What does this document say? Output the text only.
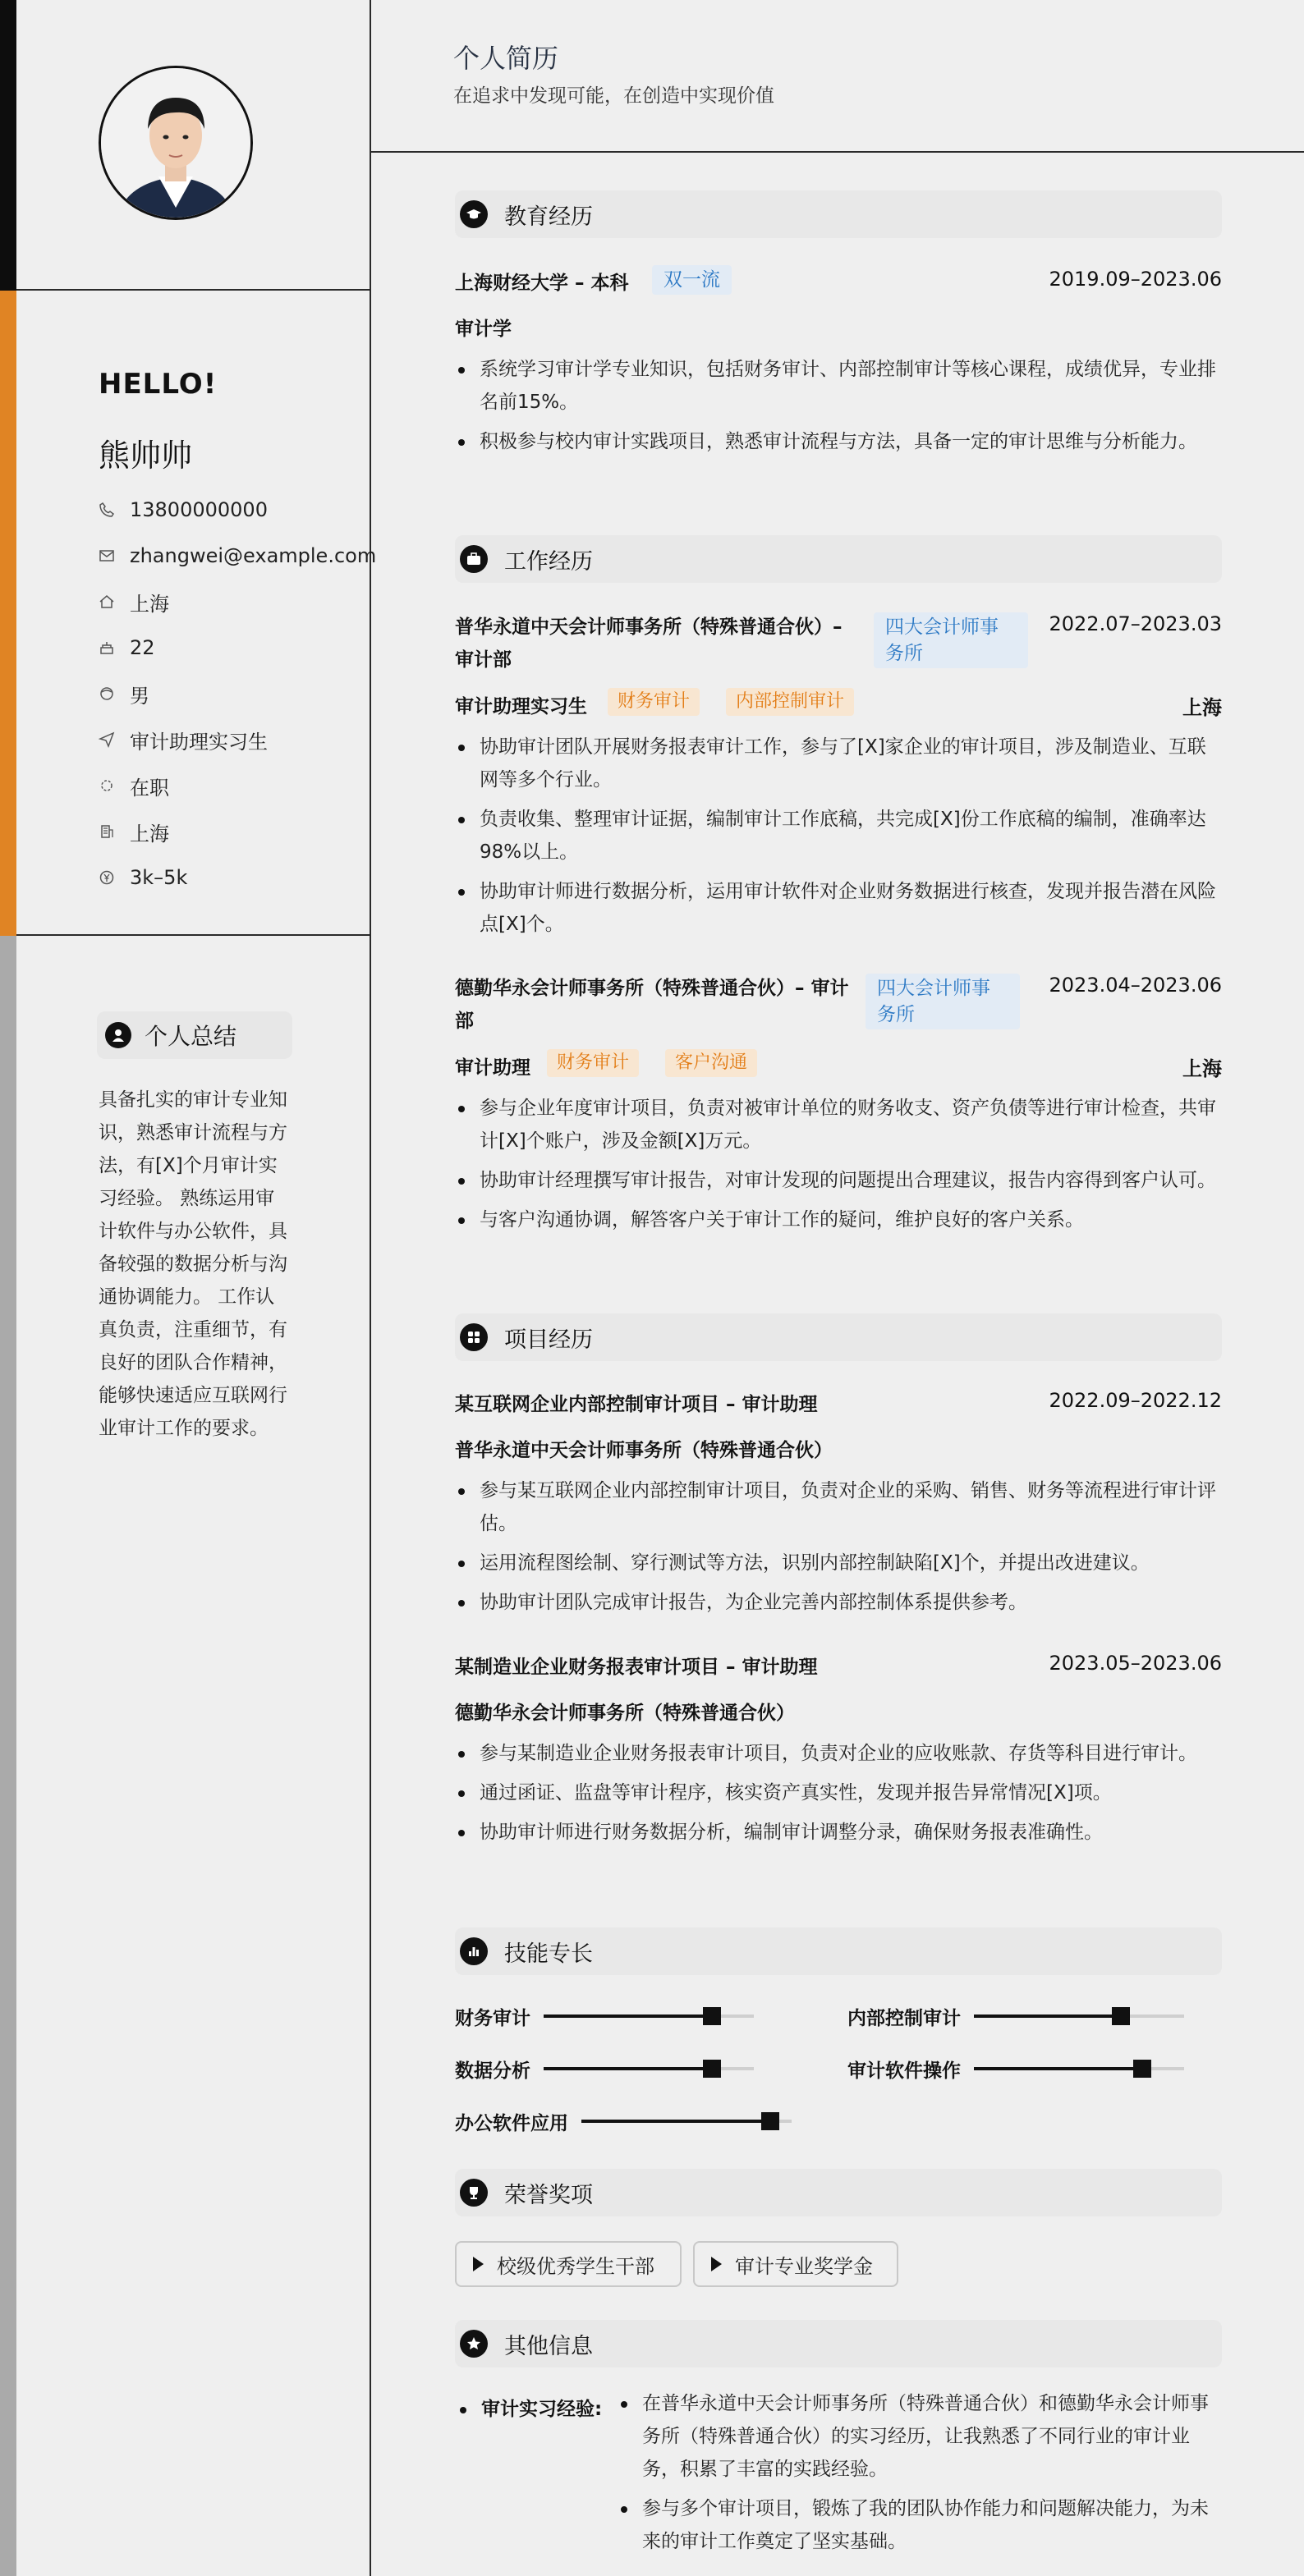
HELLO!
熊帅帅
13800000000
zhangwei@example.com
上海
22
男
审计助理实习生
在职
上海
3k–5k
个人总结
具备扎实的审计专业知识，熟悉审计流程与方法，有[X]个月审计实习经验。 熟练运用审计软件与办公软件，具备较强的数据分析与沟通协调能力。 工作认真负责，注重细节，有良好的团队合作精神，能够快速适应互联网行业审计工作的要求。
个人简历
在追求中发现可能，在创造中实现价值
教育经历
上海财经大学 – 本科	双一流	2019.09–2023.06
审计学
系统学习审计学专业知识，包括财务审计、内部控制审计等核心课程，成绩优异，专业排名前15%。
积极参与校内审计实践项目，熟悉审计流程与方法，具备一定的审计思维与分析能力。
工作经历
普华永道中天会计师事务所（特殊普通合伙）– 审计部
四大会计师事务所
2022.07–2023.03
审计助理实习生	财务审计	内部控制审计	上海
协助审计团队开展财务报表审计工作，参与了[X]家企业的审计项目，涉及制造业、互联网等多个行业。
负责收集、整理审计证据，编制审计工作底稿，共完成[X]份工作底稿的编制，准确率达98%以上。
协助审计师进行数据分析，运用审计软件对企业财务数据进行核查，发现并报告潜在风险点[X]个。
德勤华永会计师事务所（特殊普通合伙）– 审计部
四大会计师事务所
2023.04–2023.06
审计助理	财务审计	客户沟通	上海
参与企业年度审计项目，负责对被审计单位的财务收支、资产负债等进行审计检查，共审计[X]个账户，涉及金额[X]万元。
协助审计经理撰写审计报告，对审计发现的问题提出合理建议，报告内容得到客户认可。
与客户沟通协调，解答客户关于审计工作的疑问，维护良好的客户关系。
项目经历
某互联网企业内部控制审计项目 – 审计助理	2022.09–2022.12
普华永道中天会计师事务所（特殊普通合伙）
参与某互联网企业内部控制审计项目，负责对企业的采购、销售、财务等流程进行审计评估。
运用流程图绘制、穿行测试等方法，识别内部控制缺陷[X]个，并提出改进建议。
协助审计团队完成审计报告，为企业完善内部控制体系提供参考。
某制造业企业财务报表审计项目 – 审计助理	2023.05–2023.06
德勤华永会计师事务所（特殊普通合伙）
参与某制造业企业财务报表审计项目，负责对企业的应收账款、存货等科目进行审计。
通过函证、监盘等审计程序，核实资产真实性，发现并报告异常情况[X]项。
协助审计师进行财务数据分析，编制审计调整分录，确保财务报表准确性。
技能专长
财务审计	内部控制审计
数据分析	审计软件操作
办公软件应用
荣誉奖项
校级优秀学生干部	审计专业奖学金
其他信息
审计实习经验:	在普华永道中天会计师事务所（特殊普通合伙）和德勤华永会计师事务所（特殊普通合伙）的实习经历，让我熟悉了不同行业的审计业务，积累了丰富的实践经验。
参与多个审计项目，锻炼了我的团队协作能力和问题解决能力，为未来的审计工作奠定了坚实基础。
